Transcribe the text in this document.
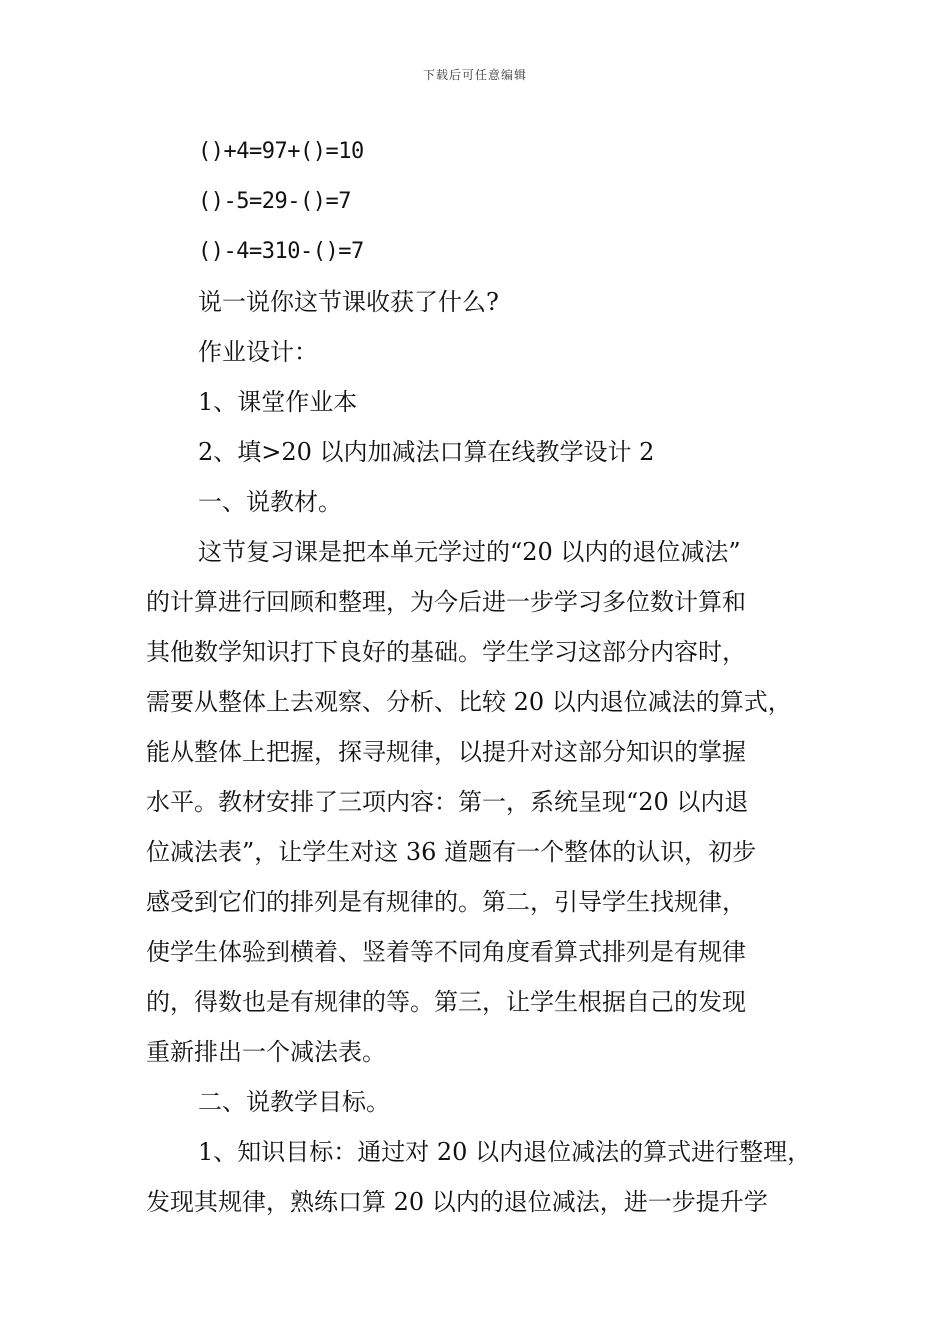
下载后可任意编辑
()+4=97+()=10
()-5=29-()=7
()-4=310-()=7
说一说你这节课收获了什么?
作业设计：
1、课堂作业本
2、填>20 以内加减法口算在线教学设计 2
一、说教材。
这节复习课是把本单元学过的“20 以内的退位减法”
的计算进行回顾和整理，为今后进一步学习多位数计算和
其他数学知识打下良好的基础。学生学习这部分内容时，
需要从整体上去观察、分析、比较 20 以内退位减法的算式，
能从整体上把握，探寻规律，以提升对这部分知识的掌握
水平。教材安排了三项内容：第一，系统呈现“20 以内退
位减法表”，让学生对这 36 道题有一个整体的认识，初步
感受到它们的排列是有规律的。第二，引导学生找规律，
使学生体验到横着、竖着等不同角度看算式排列是有规律
的，得数也是有规律的等。第三，让学生根据自己的发现
重新排出一个减法表。
二、说教学目标。
1、知识目标：通过对 20 以内退位减法的算式进行整理，
发现其规律，熟练口算 20 以内的退位减法，进一步提升学
